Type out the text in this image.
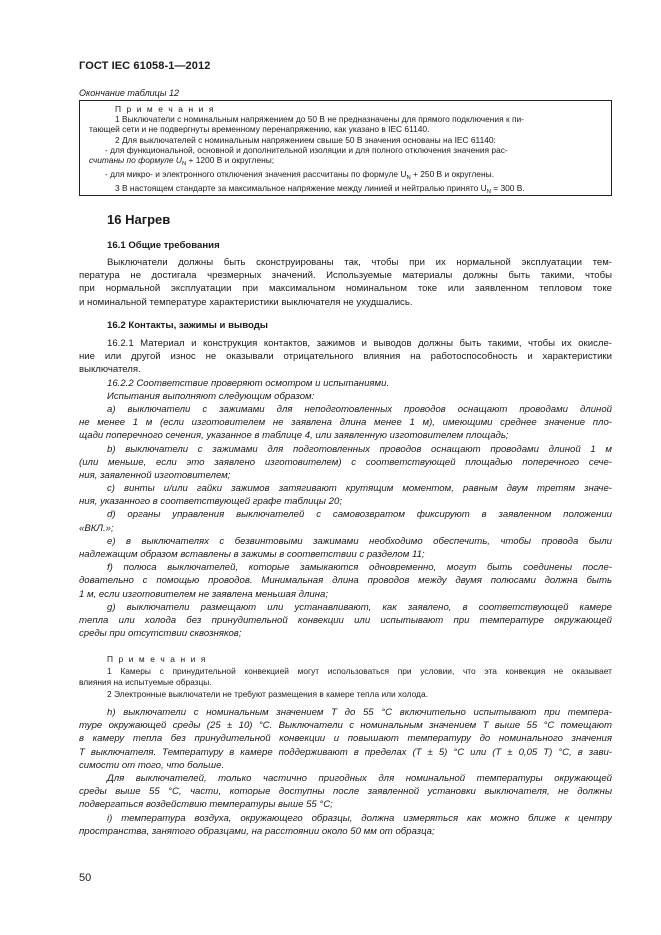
ГОСТ IEC 61058-1—2012
Окончание таблицы 12
П р и м е ч а н и я
1 Выключатели с номинальным напряжением до 50 В не предназначены для прямого подключения к пи-
тающей сети и не подвергнуты временному перенапряжению, как указано в IEC 61140.
2 Для выключателей с номинальным напряжением свыше 50 В значения основаны на IEC 61140:
- для функциональной, основной и дополнительной изоляции и для полного отключения значения рас-
считаны по формуле $U_N + 1200$ В и округлены;
- для микро- и электронного отключения значения рассчитаны по формуле $U_N + 250$ В и округлены.
3 В настоящем стандарте за максимальное напряжение между линией и нейтралью принято $U_N = 300$ В.
16 Нагрев
16.1 Общие требования
Выключатели должны быть сконструированы так, чтобы при их нормальной эксплуатации тем-
пература не достигала чрезмерных значений. Используемые материалы должны быть такими, чтобы
при нормальной эксплуатации при максимальном номинальном токе или заявленном тепловом токе
и номинальной температуре характеристики выключателя не ухудшались.
16.2 Контакты, зажимы и выводы
16.2.1 Материал и конструкция контактов, зажимов и выводов должны быть такими, чтобы их окисле-
ние или другой износ не оказывали отрицательного влияния на работоспособность и характеристики
выключателя.
16.2.2 Соответствие проверяют осмотром и испытаниями.
Испытания выполняют следующим образом:
a) выключатели с зажимами для неподготовленных проводов оснащают проводами длиной
не менее 1 м (если изготовителем не заявлена длина менее 1 м), имеющими среднее значение пло-
щади поперечного сечения, указанное в таблице 4, или заявленную изготовителем площадь;
b) выключатели с зажимами для подготовленных проводов оснащают проводами длиной 1 м
(или меньше, если это заявлено изготовителем) с соответствующей площадью поперечного сече-
ния, заявленной изготовителем;
c) винты и/или гайки зажимов затягивают крутящим моментом, равным двум третям значе-
ния, указанного в соответствующей графе таблицы 20;
d) органы управления выключателей с самовозвратом фиксируют в заявленном положении
«ВКЛ.»;
e) в выключателях с безвинтовыми зажимами необходимо обеспечить, чтобы провода были
надлежащим образом вставлены в зажимы в соответствии с разделом 11;
f) полюса выключателей, которые замыкаются одновременно, могут быть соединены после-
довательно с помощью проводов. Минимальная длина проводов между двумя полюсами должна быть
1 м, если изготовителем не заявлена меньшая длина;
g) выключатели размещают или устанавливают, как заявлено, в соответствующей камере
тепла или холода без принудительной конвекции или испытывают при температуре окружающей
среды при отсутствии сквозняков;
П р и м е ч а н и я
1 Камеры с принудительной конвекцией могут использоваться при условии, что эта конвекция не оказывает
влияния на испытуемые образцы.
2 Электронные выключатели не требуют размещения в камере тепла или холода.
h) выключатели с номинальным значением T до 55 °C включительно испытывают при темпера-
туре окружающей среды (25 ± 10) °C. Выключатели с номинальным значением T выше 55 °C помещают
в камеру тепла без принудительной конвекции и повышают температуру до номинального значения
T выключателя. Температуру в камере поддерживают в пределах (T ± 5) °C или (T ± 0,05 T) °C, в зави-
симости от того, что больше.
Для выключателей, только частично пригодных для номинальной температуры окружающей
среды выше 55 °C, части, которые доступны после заявленной установки выключателя, не должны
подвергаться воздействию температуры выше 55 °C;
i) температура воздуха, окружающего образцы, должна измеряться как можно ближе к центру
пространства, занятого образцами, на расстоянии около 50 мм от образца;
50
